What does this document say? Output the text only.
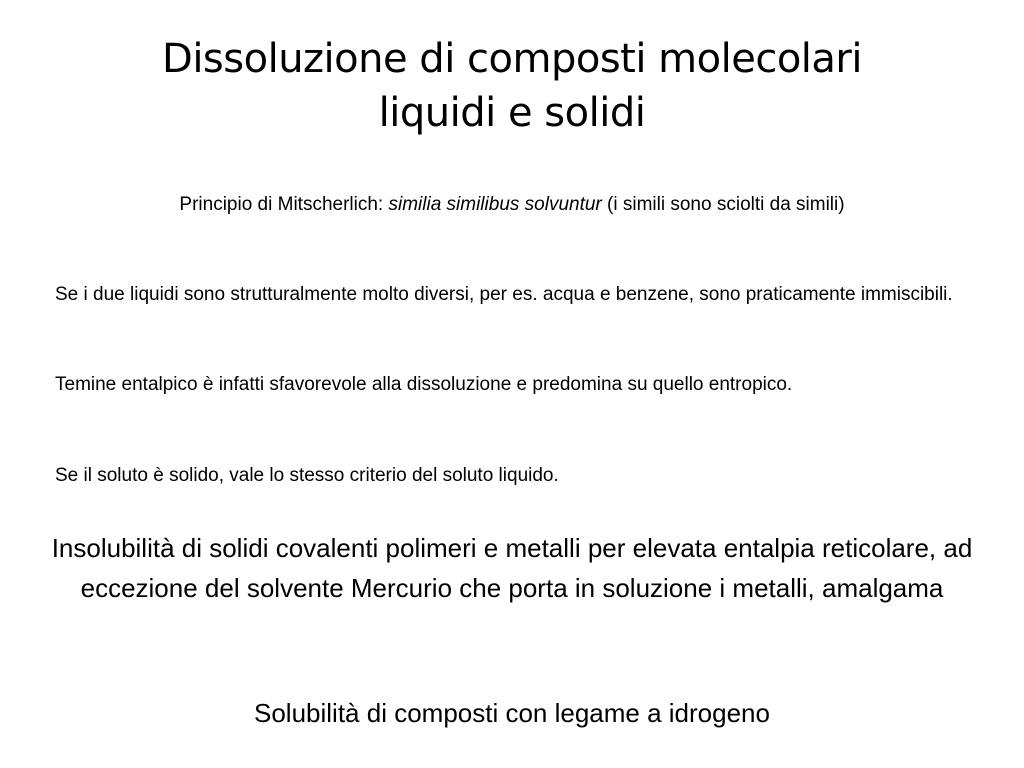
Dissoluzione di composti molecolari
liquidi e solidi
Principio di Mitscherlich: similia similibus solvuntur (i simili sono sciolti da simili)
Se i due liquidi sono strutturalmente molto diversi, per es. acqua e benzene, sono praticamente immiscibili.
Temine entalpico è infatti sfavorevole alla dissoluzione e predomina su quello entropico.
Se il soluto è solido, vale lo stesso criterio del soluto liquido.
Insolubilità di solidi covalenti polimeri e metalli per elevata entalpia reticolare, ad eccezione del solvente Mercurio che porta in soluzione i metalli, amalgama
Solubilità di composti con legame a idrogeno
